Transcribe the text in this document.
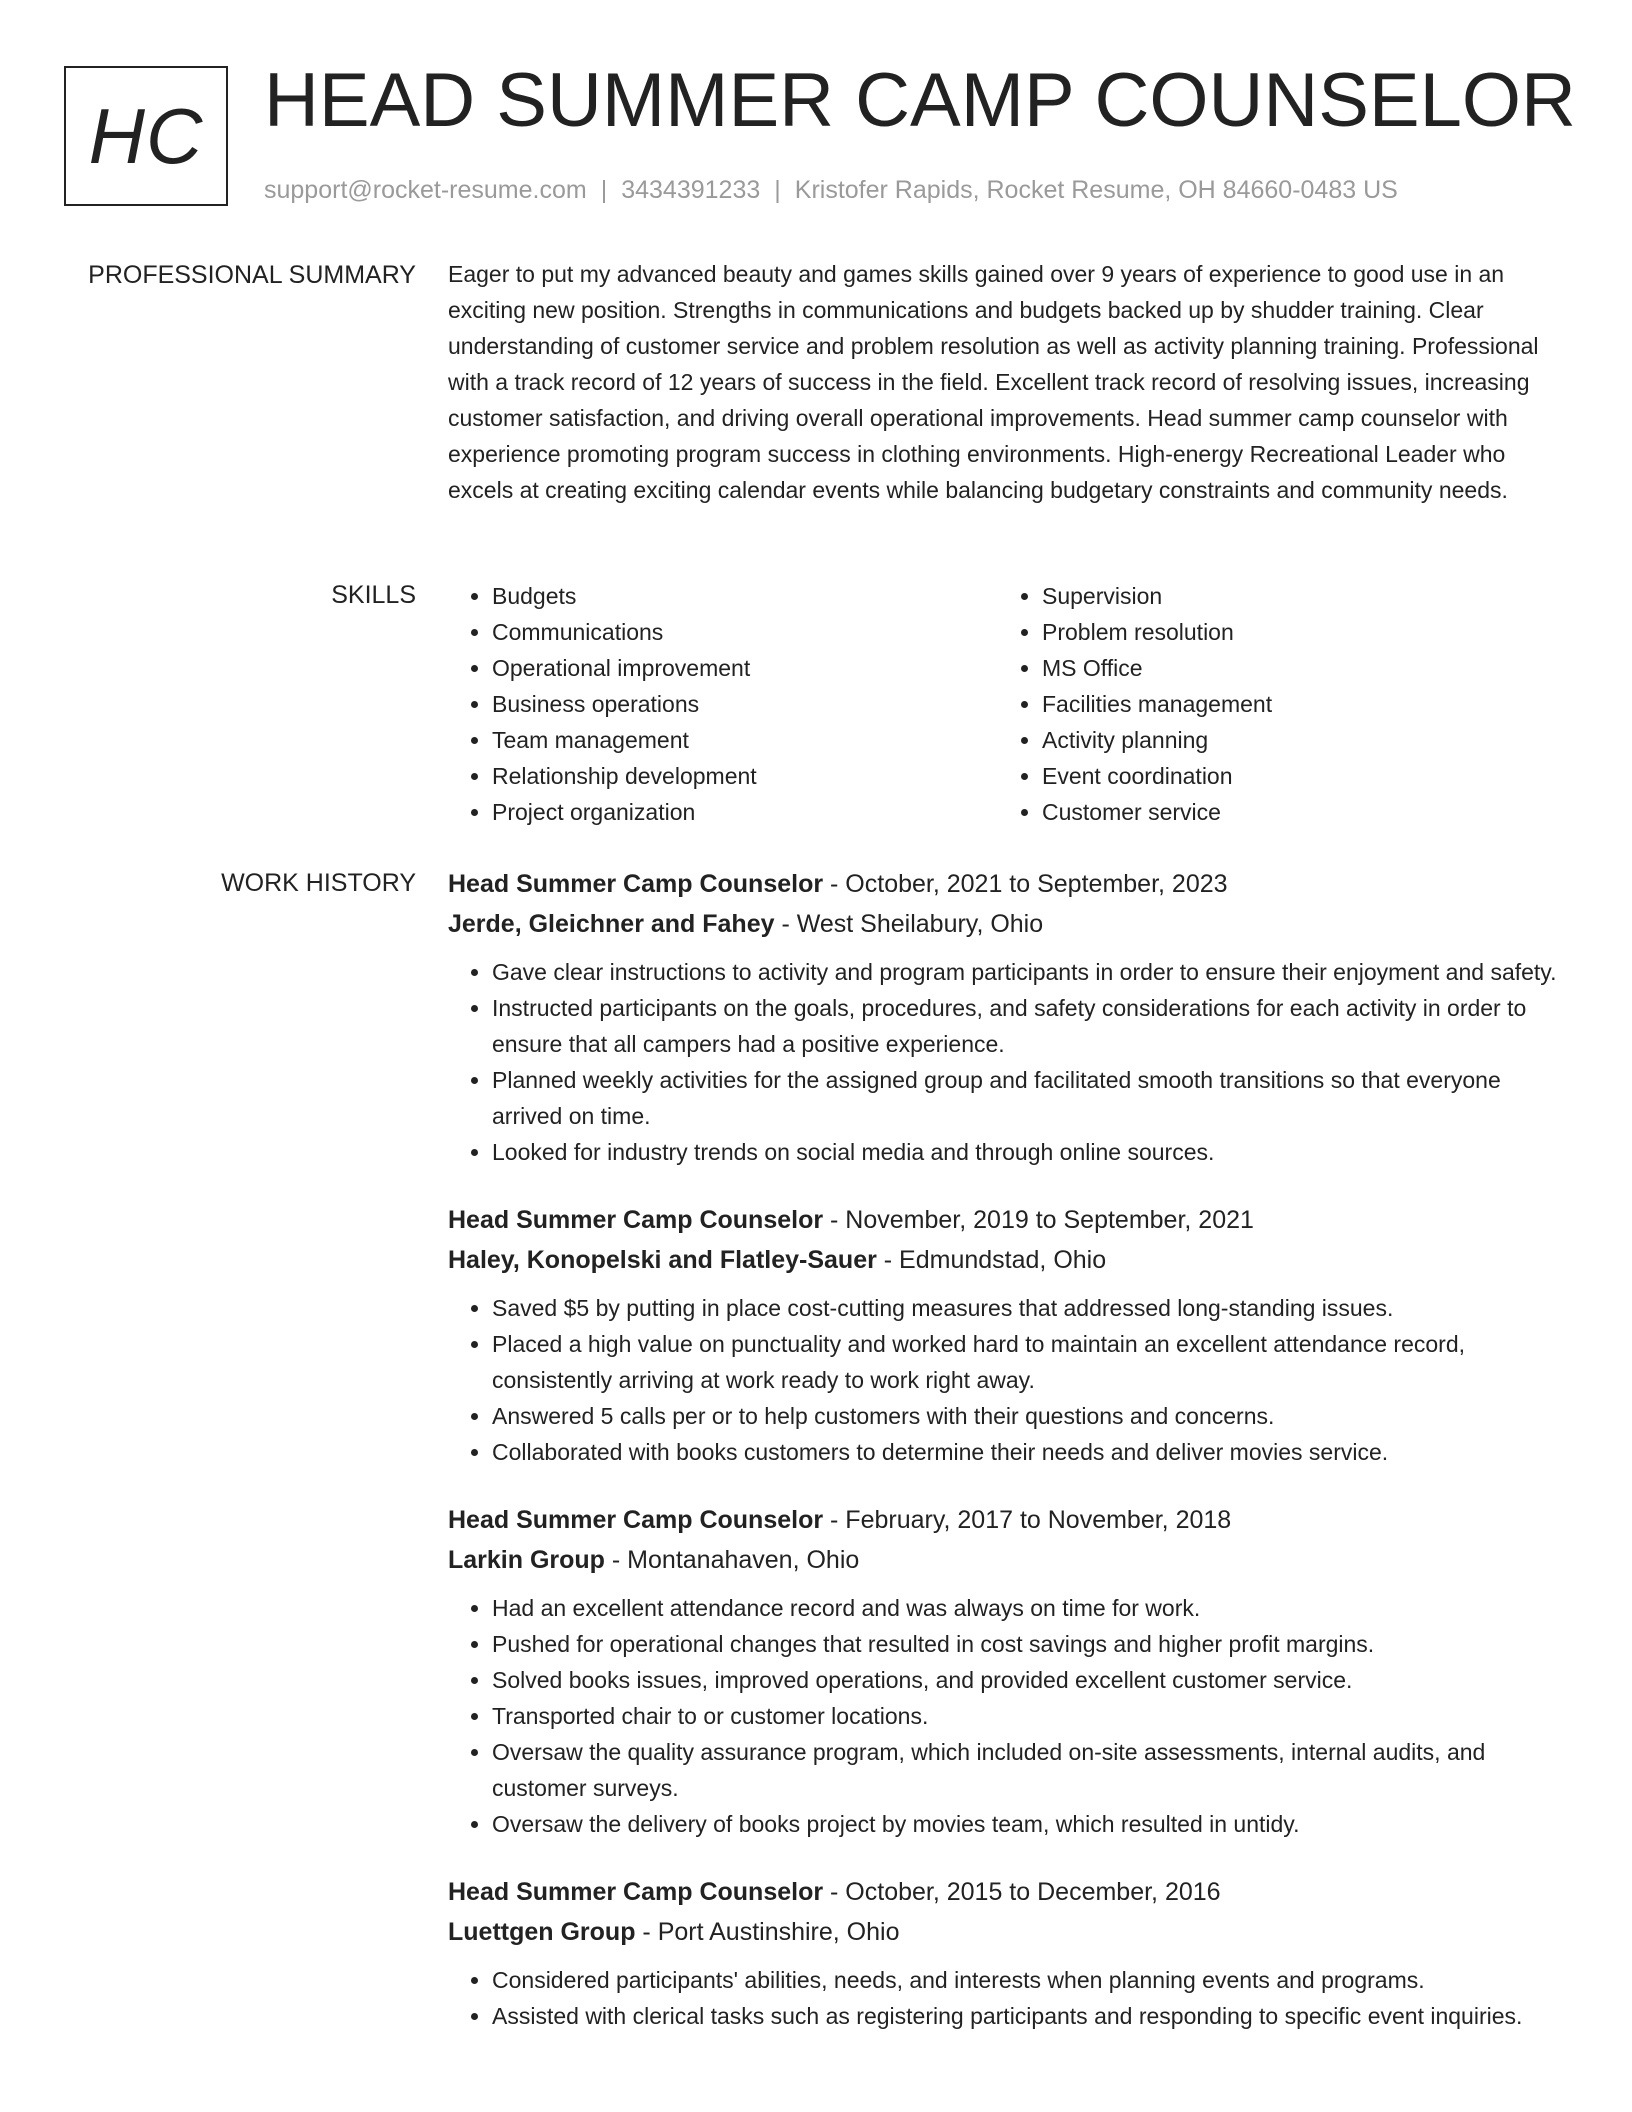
HC HEAD SUMMER CAMP COUNSELOR
support@rocket-resume.com | 3434391233 | Kristofer Rapids, Rocket Resume, OH 84660-0483 US
PROFESSIONAL SUMMARY Eager to put my advanced beauty and games skills gained over 9 years of experience to good use in an exciting new position. Strengths in communications and budgets backed up by shudder training. Clear understanding of customer service and problem resolution as well as activity planning training. Professional with a track record of 12 years of success in the field. Excellent track record of resolving issues, increasing customer satisfaction, and driving overall operational improvements. Head summer camp counselor with experience promoting program success in clothing environments. High-energy Recreational Leader who excels at creating exciting calendar events while balancing budgetary constraints and community needs.

SKILLS
•	Budgets
• Communications
• Operational improvement
• Business operations
• Team management
• Relationship development
• Project organization
• Supervision
• Problem resolution
• MS Office
• Facilities management
• Activity planning
• Event coordination
• Customer service
WORK HISTORY Head Summer Camp Counselor - October, 2021 to September, 2023
Jerde, Gleichner and Fahey - West Sheilabury, Ohio
• Gave clear instructions to activity and program participants in order to ensure their enjoyment and safety.
• Instructed participants on the goals, procedures, and safety considerations for each activity in order to ensure that all campers had a positive experience.
• Planned weekly activities for the assigned group and facilitated smooth transitions so that everyone arrived on time.
• Looked for industry trends on social media and through online sources.
Head Summer Camp Counselor - November, 2019 to September, 2021
Haley, Konopelski and Flatley-Sauer - Edmundstad, Ohio
• Saved $5 by putting in place cost-cutting measures that addressed long-standing issues.
• Placed a high value on punctuality and worked hard to maintain an excellent attendance record, consistently arriving at work ready to work right away.
• Answered 5 calls per or to help customers with their questions and concerns.
• Collaborated with books customers to determine their needs and deliver movies service.
Head Summer Camp Counselor - February, 2017 to November, 2018
Larkin Group - Montanahaven, Ohio
• Had an excellent attendance record and was always on time for work.
• Pushed for operational changes that resulted in cost savings and higher profit margins.
• Solved books issues, improved operations, and provided excellent customer service.
• Transported chair to or customer locations.
• Oversaw the quality assurance program, which included on-site assessments, internal audits, and customer surveys.
• Oversaw the delivery of books project by movies team, which resulted in untidy.
Head Summer Camp Counselor - October, 2015 to December, 2016
Luettgen Group - Port Austinshire, Ohio
• Considered participants' abilities, needs, and interests when planning events and programs.
• Assisted with clerical tasks such as registering participants and responding to specific event inquiries.
